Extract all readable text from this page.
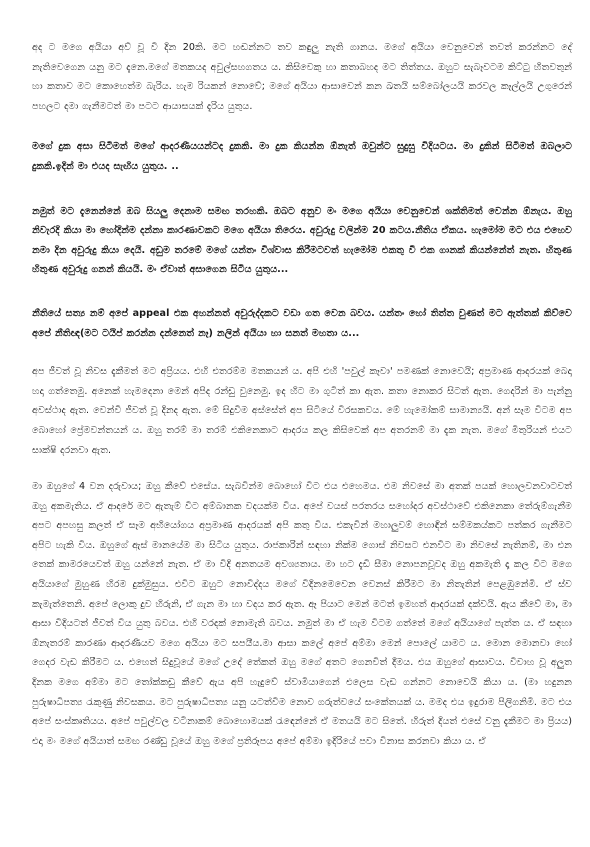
අද ට මගෙ අයියා අව් වූ වී දින 20කි. මට හඬන්නට තව කඳුලු නැති ගානය. මගේ අයියා වෙනුවෙන් තවත් කරන්නට දේ නැතිවෙගෙන යනු මට දැනෙ.මගේ මතකයද අවුල්සහගතය ය. කිසිවෙකු හා කතාබහද මට තිත්තය. ඔහුට සැබෑවටම කිට්ටු හිතවතුන් හා කතාව මට කොහෙත්ම බැරිය. හැම රියකන් නොවේ; මගේ අයියා ආසාවෙන් කන ඛතයි සම්බෝලයයි කරවල කෑල්ලයි උගුරෙන් පහලට දමා ගැනීමටත් මා පටට ආයාසයක් දැරිය යුතුය.

මගේ දුක අසා සිටීමත් මගේ ආදරණීයයන්ටද දුකකි. මා දුක කියන්න ඕනැත් ඔවුන්ට සුදුසු විදියටය. මා දුකින් සිටීමත් ඔබලාට දුකකි.ඉදින් මා එයද සැඟිය යුතුය. ..

නමුත් මට දැනෙන්නේ ඔබ සියලු දෙනාම සමඟ තරහකි. ඔබට අනුව මං මගෙ අයියා වෙනුවෙන් ශක්තිමත් වෙන්න ඕනැය. ඔහු නිවැරදි කියා මා හෝදින්ම දන්නා කාරණාවකට මගෙ අයියා තිරෙය. අවුරුදු වලින්ම 20 කටය.නීතිය ඒකය. හැමෝම මට එය එහෙව නමා දින අවුරුදු කියා දෙයි. අඩුම තරමේ මගේ යන්තං විශ්වාස කිරීමටවත් හැමෝම එකතු වී එක ගානක් කියන්නේත් නැත. හිතුණ හිතුණ අවුරුදු ගනන් කියයි. මං ඒවාත් අසාගෙන සිටිය යුතුය...

නීතියේ සත්‍ය නම් අපේ appeal එක අහන්නත් අවුරුද්දකට වඩා ගත වෙන බවය. යන්තං හෝ තිත්ත වුණත් මට ඇත්තක් කිව්වෙ අපේ නීතිඥ(මට ටයිප් කරන්න දන්නෙත් නෑ) නලින් අයියා හා සනත් මහතා ය...

අප ජීවත් වූ නිවස දැකීමත් මට අප්‍රියය. එහි එතරම්ම මතකයන් ය. අපි එහි 'පවුල් කෑවා' පමණක් නොවෙයි; අප්‍රමාණ ආදරයක් බෙදා හදා ගත්තෙමු. අනෙක් හැමදෙනා මෙන් අපිද රන්ඩු වුනෙමු. ඉද හිට මා ගුටිත් කා ඇත. කතා නොකර සිටත් ඇත. ගෙදරින් මා පැන්නු අවස්ථාද ඇත. වෙන්වී ජීවත් වූ දිනද ඇත. මේ සිදුවීම අස්සේත් අප සිටියේ විරසකවය. මේ හැමෝකම් සාමාන්‍යයි. අන් සෑම විටම අප බොහෝ ප්‍රේමවන්තයන් ය. ඔහු තරම් මා තරම් එකිනෙකාට ආදරය කල කිසිවෙක් අප අතරනම් මා දැක නැත. මගේ මිතුරියන් එයට සාක්ෂි දරනවා ඇත.

මා ඔහුගේ 4 වන දරුවාය; ඔහු කීවේ එසේය. සැබවින්ම බොහෝ විට එය එහෙමය. එම නිවසේ මා අතක් පයක් හොලවනවාටවත් ඔහු අකමැතිය. ඒ ආදරේ මට ඇතැම් විට අම්බානක වදයක්ම විය. අපේ වයස් පරතරය සහෝදර අවස්ථාවේ එකිනෙකා තේරුම්ගැනීම අපට අපහසු කලත් ඒ සෑම අභියෝගය අප්‍රමාණ ආදරයක් අපි කතු විය. එකැවින් මහාලුවම් හොඳින් සම්මකය්කට පත්කර ගැනීමට අපිට හැකි විය. ඔහුගේ ඇස් මානයේම මා සිටිය යුතුය. රාජකාරින් සඳහා නික්ම ගොස් නිවසට එනවිට මා නිවසේ නැතිනම්, මා එන තෙක් කාමරයෙවත් ඔහු යන්නේ නැත. ඒ මා විදි අනතයම අවශ්‍යතාය. මා හට දැඩි සීමා නොපනවූවද ඔහු අකමැති දෑ කල විට මගෙ අයියාගේ මුහුණ හිරම දුක්මුසුය. එවිට ඔහුට නොවිද්දය මගේ විදිනමෙවෙන වෙනස් කිරීමට මා නිතැතින් පෙළඹුනේමි. ඒ ස්ව කැමැත්තෙනි. අපේ ලොකු දුව හිරුනි, ඒ ගැන මා හා වදය කර ඇත. ඈ පියාට මෙන් මටත් ඉමහත් ආදරයක් දක්වයි. ඇය කීවේ මා, මා ආසා විදියටත් ජීවත් විය යුතු බවය. එහි වරදක් නොමැති බවය. නමුත් මා ඒ හැම විටම ගත්තේ මගේ අයියාගේ පැත්ත ය. ඒ සඳහා ඕනැතරම් කාරණා ආදරණීයව මගෙ අයියා මට සපයීය.මා ආසා කලේ අපේ අම්මා මෙන් පොලේ යාමට ය. මොන මොනවා හෝ ගෙදර වැඩ කිරීමට ය. එහෙත් සිදුවූයේ මගේ උදේ තේකත් ඔහු මගේ අතට ගෙනවිත් දීමය. එය ඔහුගේ ආසාවය. විවාහ වූ අලුත දිනක මගෙ අම්මා මට තෝක්කඩු කීවේ ඇය අපි හැදුවේ ස්වාමියාගෙන් එලෙස වැඩ ගන්නට නොවෙයි කියා ය. (මා හදුනන පුරුෂාධිපත්‍ය රැකුණු නිවසකය. මට පුරුෂාධිපත්‍ය යනු යටත්වීම නොව ගරුත්වයේ සංකේතයක් ය. මමද එය ඉදුරාම පිලිගනිමි. මට එය අපේ සංස්කෘතියය. අපේ පවුල්වල වටිනාකම් බොහොමයක් රැඳෙන්නේ ඒ මතයයි මට සිතේ. හිරුත් දියත් එසේ වනු දැකීමට මා ප්‍රියය) එදා මං මගේ අයියාත් සමඟ රණ්ඩු වූයේ ඔහු මගේ ප්‍රතිරූපය අපේ අම්මා ඉදිරියේ පවා විනාස කරනවා කියා ය. ඒ
